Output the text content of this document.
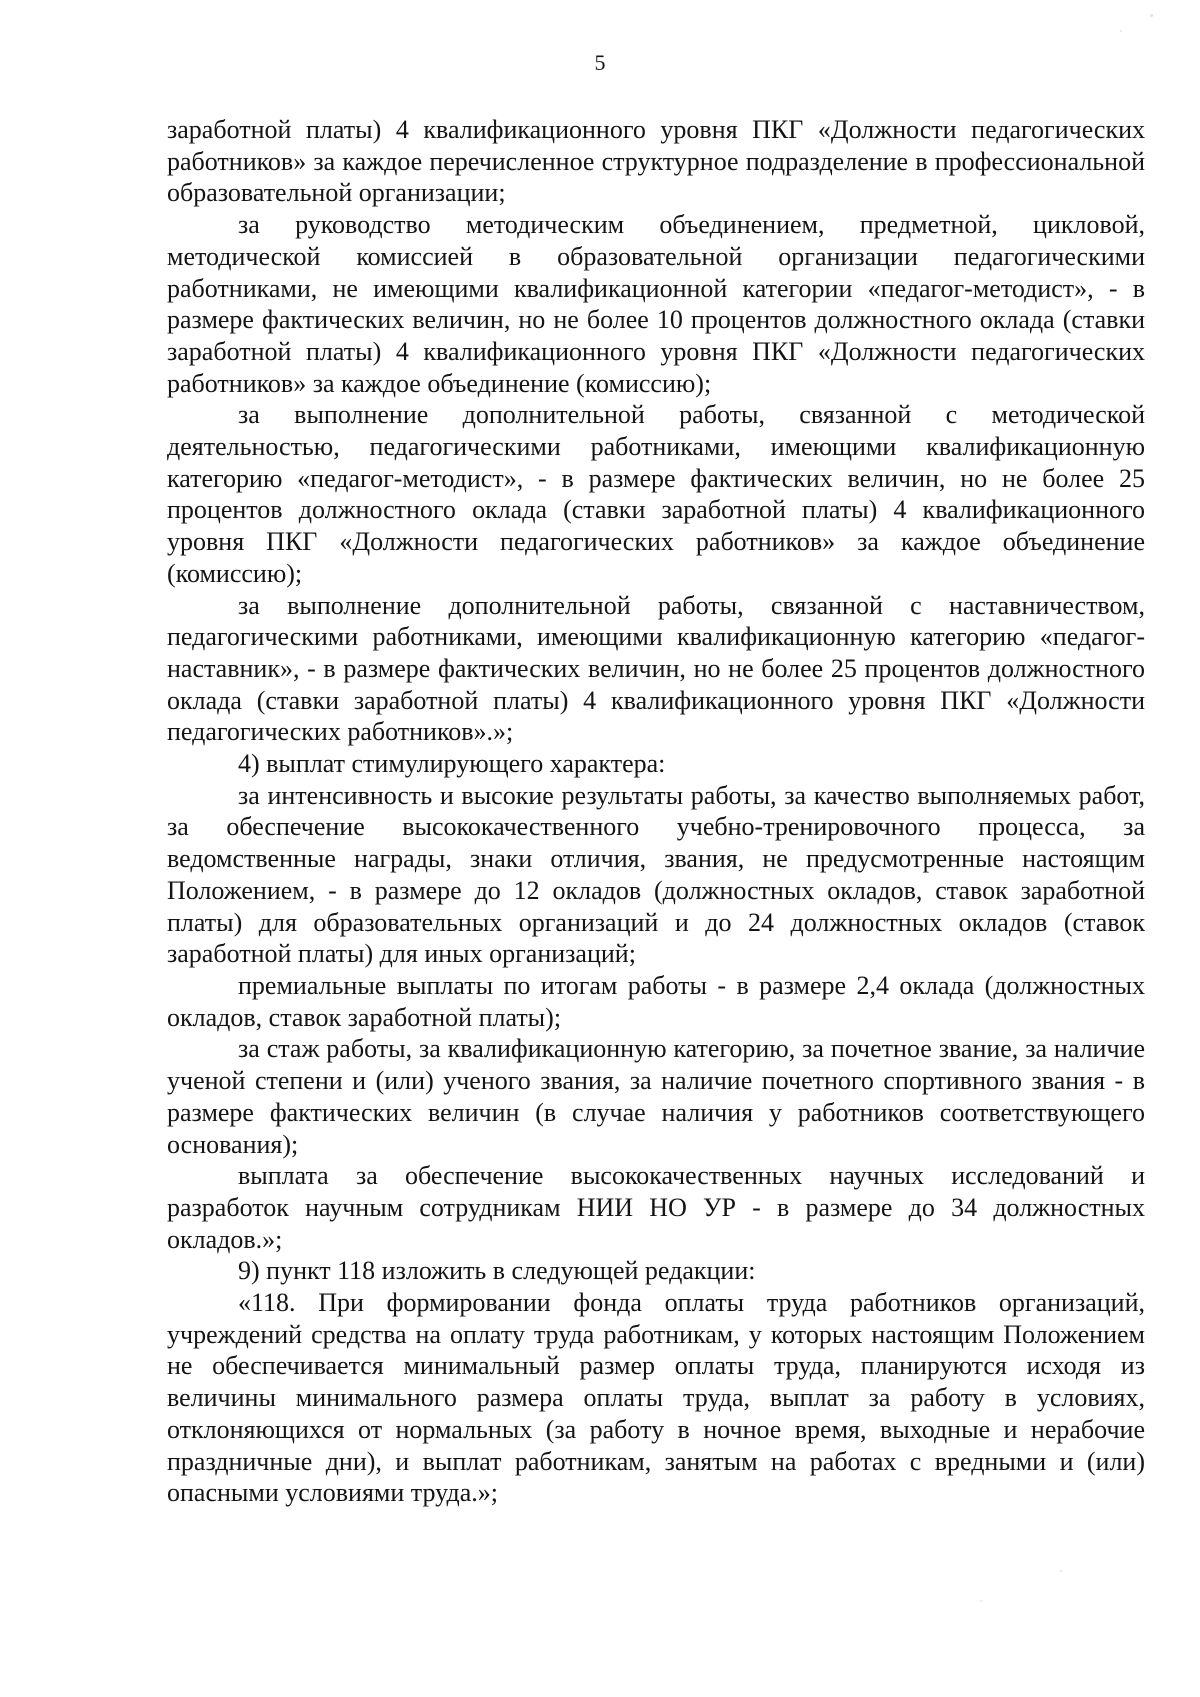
5

заработной платы) 4 квалификационного уровня ПКГ «Должности педагогических работников» за каждое перечисленное структурное подразделение в профессиональной образовательной организации;

за руководство методическим объединением, предметной, цикловой, методической комиссией в образовательной организации педагогическими работниками, не имеющими квалификационной категории «педагог-методист», - в размере фактических величин, но не более 10 процентов должностного оклада (ставки заработной платы) 4 квалификационного уровня ПКГ «Должности педагогических работников» за каждое объединение (комиссию);

за выполнение дополнительной работы, связанной с методической деятельностью, педагогическими работниками, имеющими квалификационную категорию «педагог-методист», - в размере фактических величин, но не более 25 процентов должностного оклада (ставки заработной платы) 4 квалификационного уровня ПКГ «Должности педагогических работников» за каждое объединение (комиссию);

за выполнение дополнительной работы, связанной с наставничеством, педагогическими работниками, имеющими квалификационную категорию «педагог-наставник», - в размере фактических величин, но не более 25 процентов должностного оклада (ставки заработной платы) 4 квалификационного уровня ПКГ «Должности педагогических работников».»;

4) выплат стимулирующего характера:

за интенсивность и высокие результаты работы, за качество выполняемых работ, за обеспечение высококачественного учебно-тренировочного процесса, за ведомственные награды, знаки отличия, звания, не предусмотренные настоящим Положением, - в размере до 12 окладов (должностных окладов, ставок заработной платы) для образовательных организаций и до 24 должностных окладов (ставок заработной платы) для иных организаций;

премиальные выплаты по итогам работы - в размере 2,4 оклада (должностных окладов, ставок заработной платы);

за стаж работы, за квалификационную категорию, за почетное звание, за наличие ученой степени и (или) ученого звания, за наличие почетного спортивного звания - в размере фактических величин (в случае наличия у работников соответствующего основания);

выплата за обеспечение высококачественных научных исследований и разработок научным сотрудникам НИИ НО УР - в размере до 34 должностных окладов.»;

9) пункт 118 изложить в следующей редакции:

«118. При формировании фонда оплаты труда работников организаций, учреждений средства на оплату труда работникам, у которых настоящим Положением не обеспечивается минимальный размер оплаты труда, планируются исходя из величины минимального размера оплаты труда, выплат за работу в условиях, отклоняющихся от нормальных (за работу в ночное время, выходные и нерабочие праздничные дни), и выплат работникам, занятым на работах с вредными и (или) опасными условиями труда.»;
